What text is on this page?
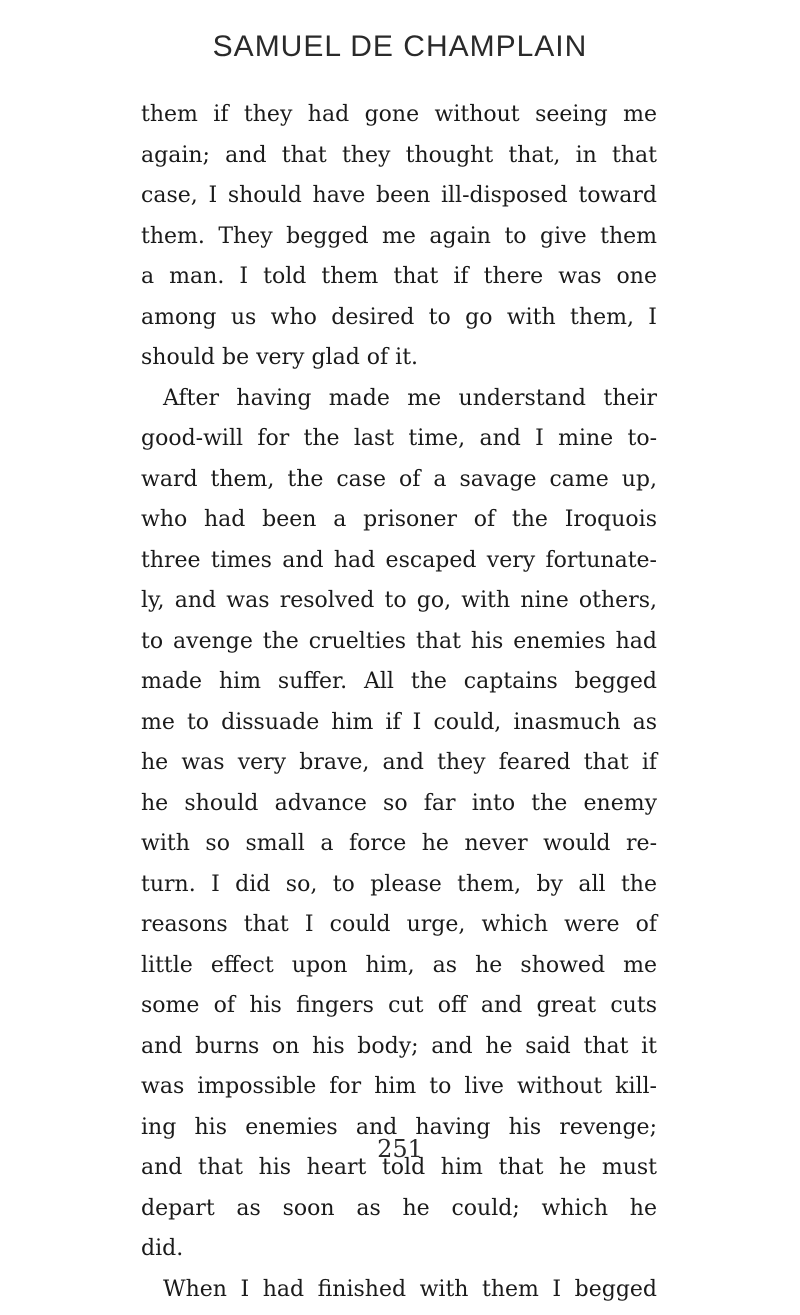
SAMUEL DE CHAMPLAIN
them if they had gone without seeing me
again; and that they thought that, in that
case, I should have been ill-disposed toward
them. They begged me again to give them
a man. I told them that if there was one
among us who desired to go with them, I
should be very glad of it.
After having made me understand their
good-will for the last time, and I mine to-
ward them, the case of a savage came up,
who had been a prisoner of the Iroquois
three times and had escaped very fortunate-
ly, and was resolved to go, with nine others,
to avenge the cruelties that his enemies had
made him suffer. All the captains begged
me to dissuade him if I could, inasmuch as
he was very brave, and they feared that if
he should advance so far into the enemy
with so small a force he never would re-
turn. I did so, to please them, by all the
reasons that I could urge, which were of
little effect upon him, as he showed me
some of his fingers cut off and great cuts
and burns on his body; and he said that it
was impossible for him to live without kill-
ing his enemies and having his revenge;
and that his heart told him that he must
depart as soon as he could; which he
did.
When I had finished with them I begged
251
